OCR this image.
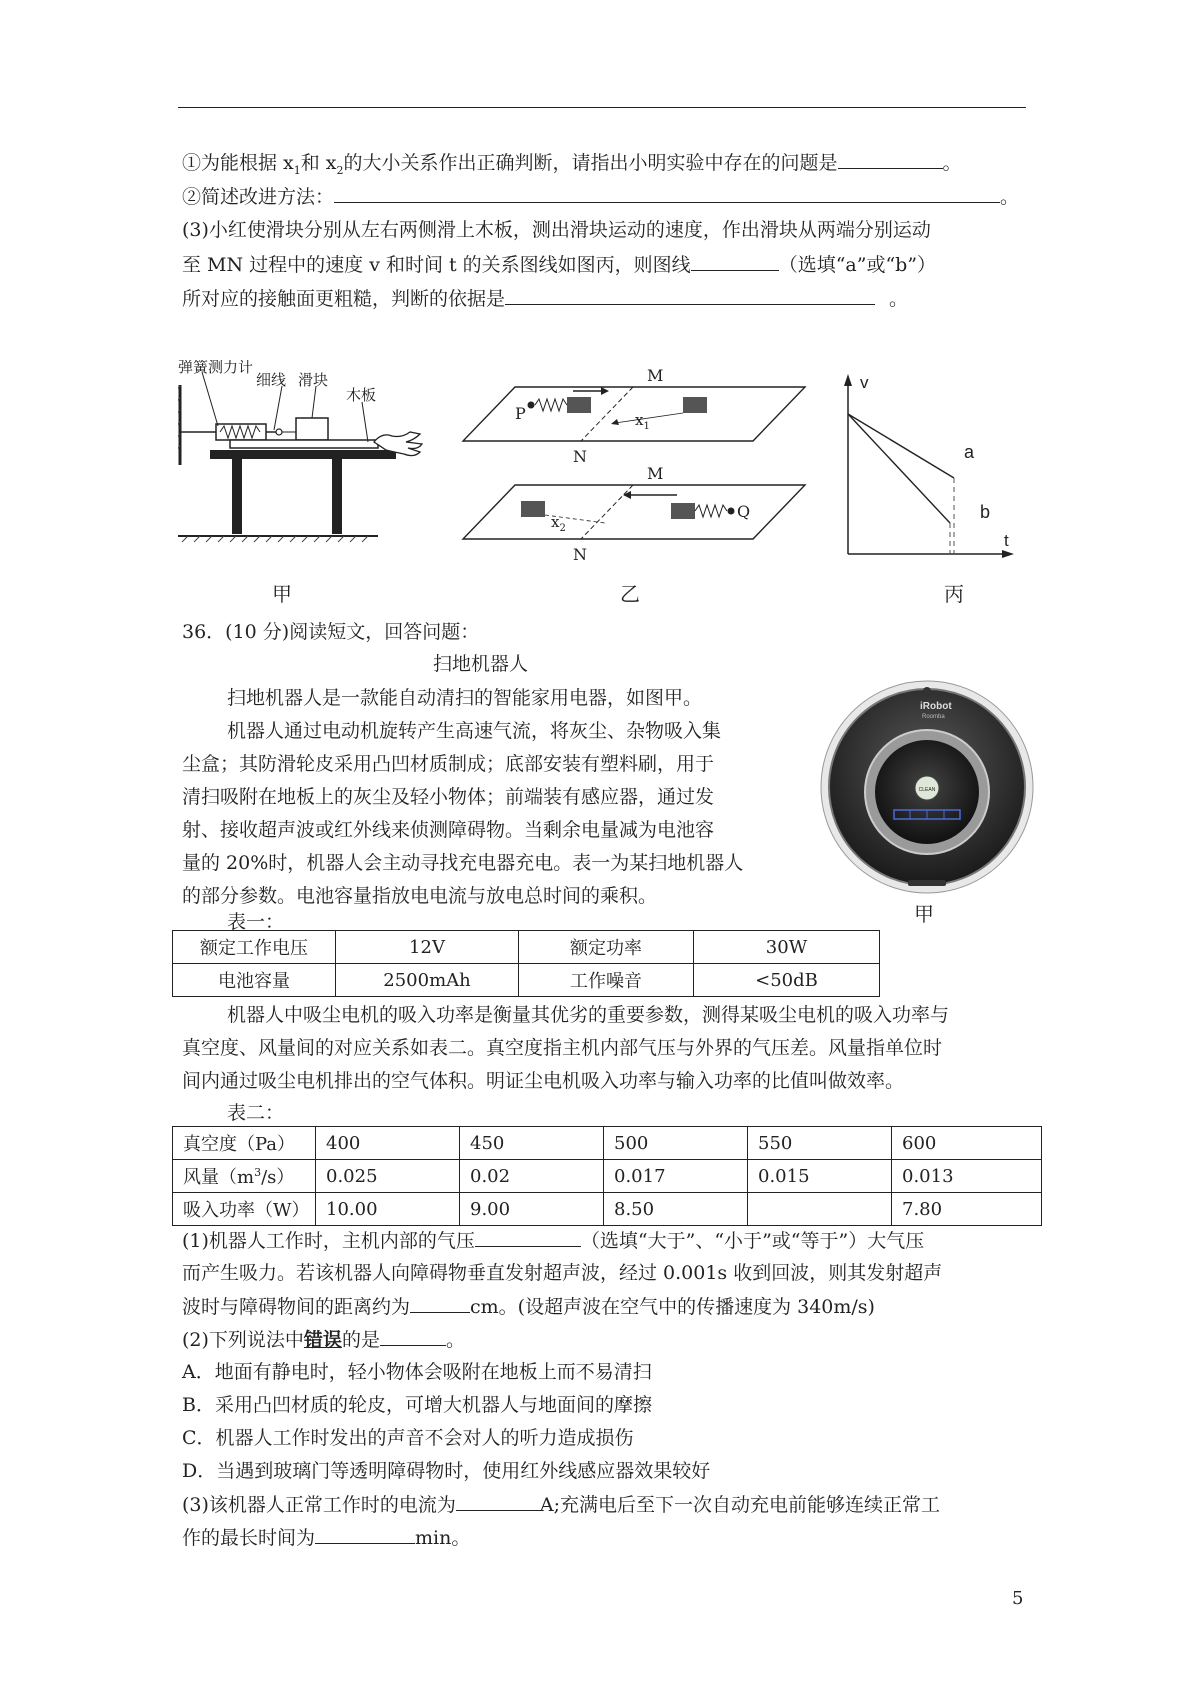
①为能根据 $x_1$和 $x_2$的大小关系作出正确判断，请指出小明实验中存在的问题是	。
②简述改进方法：	。
(3)小红使滑块分别从左右两侧滑上木板，测出滑块运动的速度，作出滑块从两端分别运动
至 MN 过程中的速度 v 和时间 t 的关系图线如图丙，则图线	（选填“a”或“b”）
所对应的接触面更粗糙，判断的依据是	。
弹簧测力计
细线 滑块
木板
甲
M
N
P	$x_1$
M
N
$x_2$
Q
乙
v
t
a
b
丙
36．(10 分)阅读短文，回答问题：
扫地机器人
扫地机器人是一款能自动清扫的智能家用电器，如图甲。
机器人通过电动机旋转产生高速气流，将灰尘、杂物吸入集
尘盒；其防滑轮皮采用凸凹材质制成；底部安装有塑料刷，用于
清扫吸附在地板上的灰尘及轻小物体；前端装有感应器，通过发
射、接收超声波或红外线来侦测障碍物。当剩余电量减为电池容
量的 20%时，机器人会主动寻找充电器充电。表一为某扫地机器人
的部分参数。电池容量指放电电流与放电总时间的乘积。
CLEAN
iRobot
Roomba
甲
表一：
额定工作电压	12V	额定功率	30W
电池容量	2500mAh	工作噪音	<50dB
机器人中吸尘电机的吸入功率是衡量其优劣的重要参数，测得某吸尘电机的吸入功率与
真空度、风量间的对应关系如表二。真空度指主机内部气压与外界的气压差。风量指单位时
间内通过吸尘电机排出的空气体积。明证尘电机吸入功率与输入功率的比值叫做效率。
表二：
真空度（Pa）	400	450	500	550	600
风量$(m^3/s)$	0.025	0.02	0.017	0.015	0.013
吸入功率（W）	10.00	9.00	8.50		7.80
(1)机器人工作时，主机内部的气压	（选填“大于”、“小于”或“等于”）大气压
而产生吸力。若该机器人向障碍物垂直发射超声波，经过 0.001s 收到回波，则其发射超声
波时与障碍物间的距离约为	cm。(设超声波在空气中的传播速度为 340m/s)
(2)下列说法中错误的是	。
A．地面有静电时，轻小物体会吸附在地板上而不易清扫
B．采用凸凹材质的轮皮，可增大机器人与地面间的摩擦
C．机器人工作时发出的声音不会对人的听力造成损伤
D．当遇到玻璃门等透明障碍物时，使用红外线感应器效果较好
(3)该机器人正常工作时的电流为	A;充满电后至下一次自动充电前能够连续正常工
作的最长时间为	min。
5
